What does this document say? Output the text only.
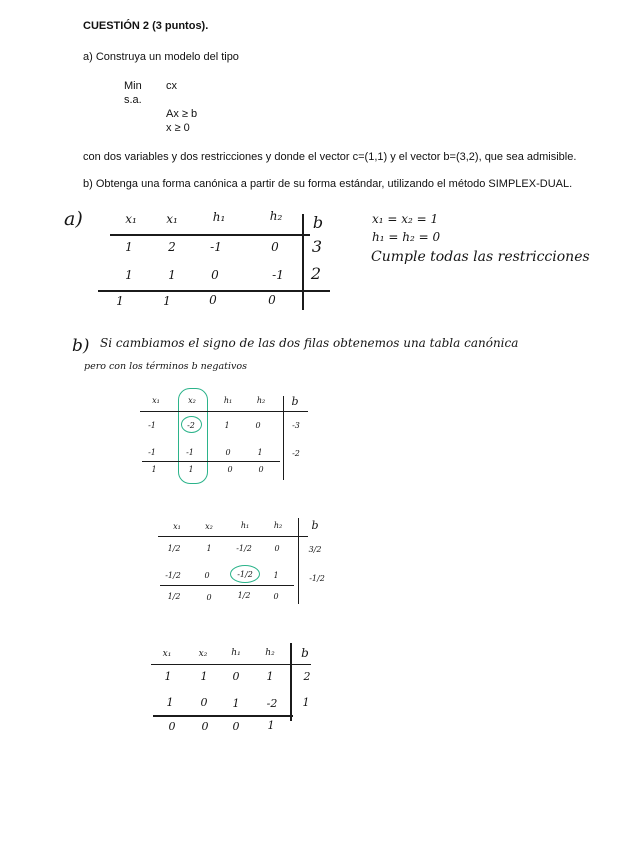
CUESTIÓN 2 (3 puntos).
a) Construya un modelo del tipo
Min cx
s.a.
Ax ≥ b
x ≥ 0
con dos variables y dos restricciones y donde el vector c=(1,1) y el vector b=(3,2), que sea admisible.
b) Obtenga una forma canónica a partir de su forma estándar, utilizando el método SIMPLEX-DUAL.
a)	x₁ x₁	h₁	h₂ b
1	2	-1	0 3
1	1	0	-1 2
1	1	0	0
x₁ = x₂ = 1
h₁ = h₂ = 0
Cumple todas las restricciones
b) Si cambiamos el signo de las dos filas obtenemos una tabla canónica
pero con los términos b negativos
x₁	x₂	h₁	h₂ b
-1	-2	1	0	-3
-1	-1	0	1	-2
1	1	0	0
x₁	x₂	h₁	h₂	b
1/2	1	-1/2	0	3/2
-1/2	0	-1/2	1	-1/2
1/2	0	1/2	0
x₁	x₂	h₁	h₂ b
1	1 0 1	2
1 0 1 -2 1
0 0 0	1
